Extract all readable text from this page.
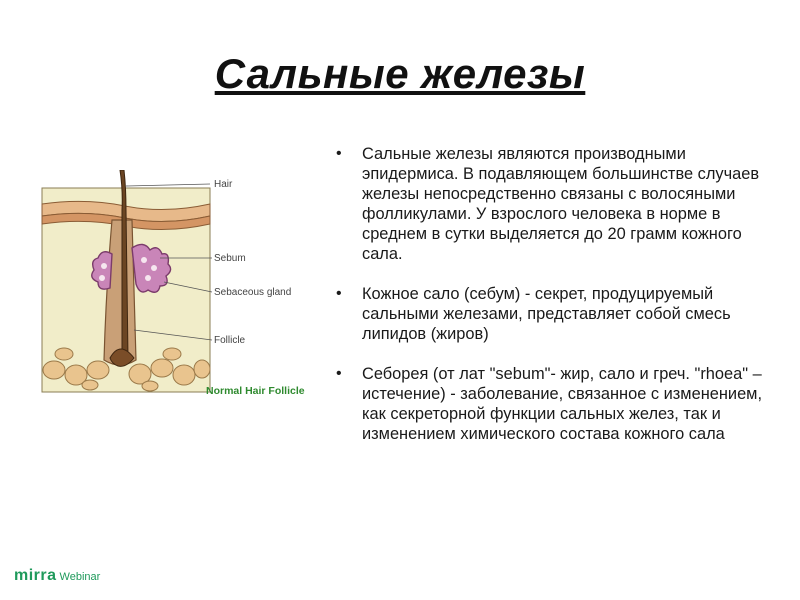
Сальные железы
Hair
Sebum
Sebaceous gland
Follicle
Normal Hair Follicle
• Сальные железы являются производными эпидермиса. В подавляющем большинстве случаев железы непосредственно связаны с волосяными фолликулами. У взрослого человека в норме в среднем в сутки выделяется до 20 грамм кожного сала.
• Кожное сало (себум) - секрет, продуцируемый сальными железами, представляет собой смесь липидов (жиров)
• Себорея (от лат "sebum"- жир, сало и греч. "rhoea" – истечение) - заболевание, связанное с изменением, как секреторной функции сальных желез, так и изменением химического состава кожного сала
mirra Webinar
